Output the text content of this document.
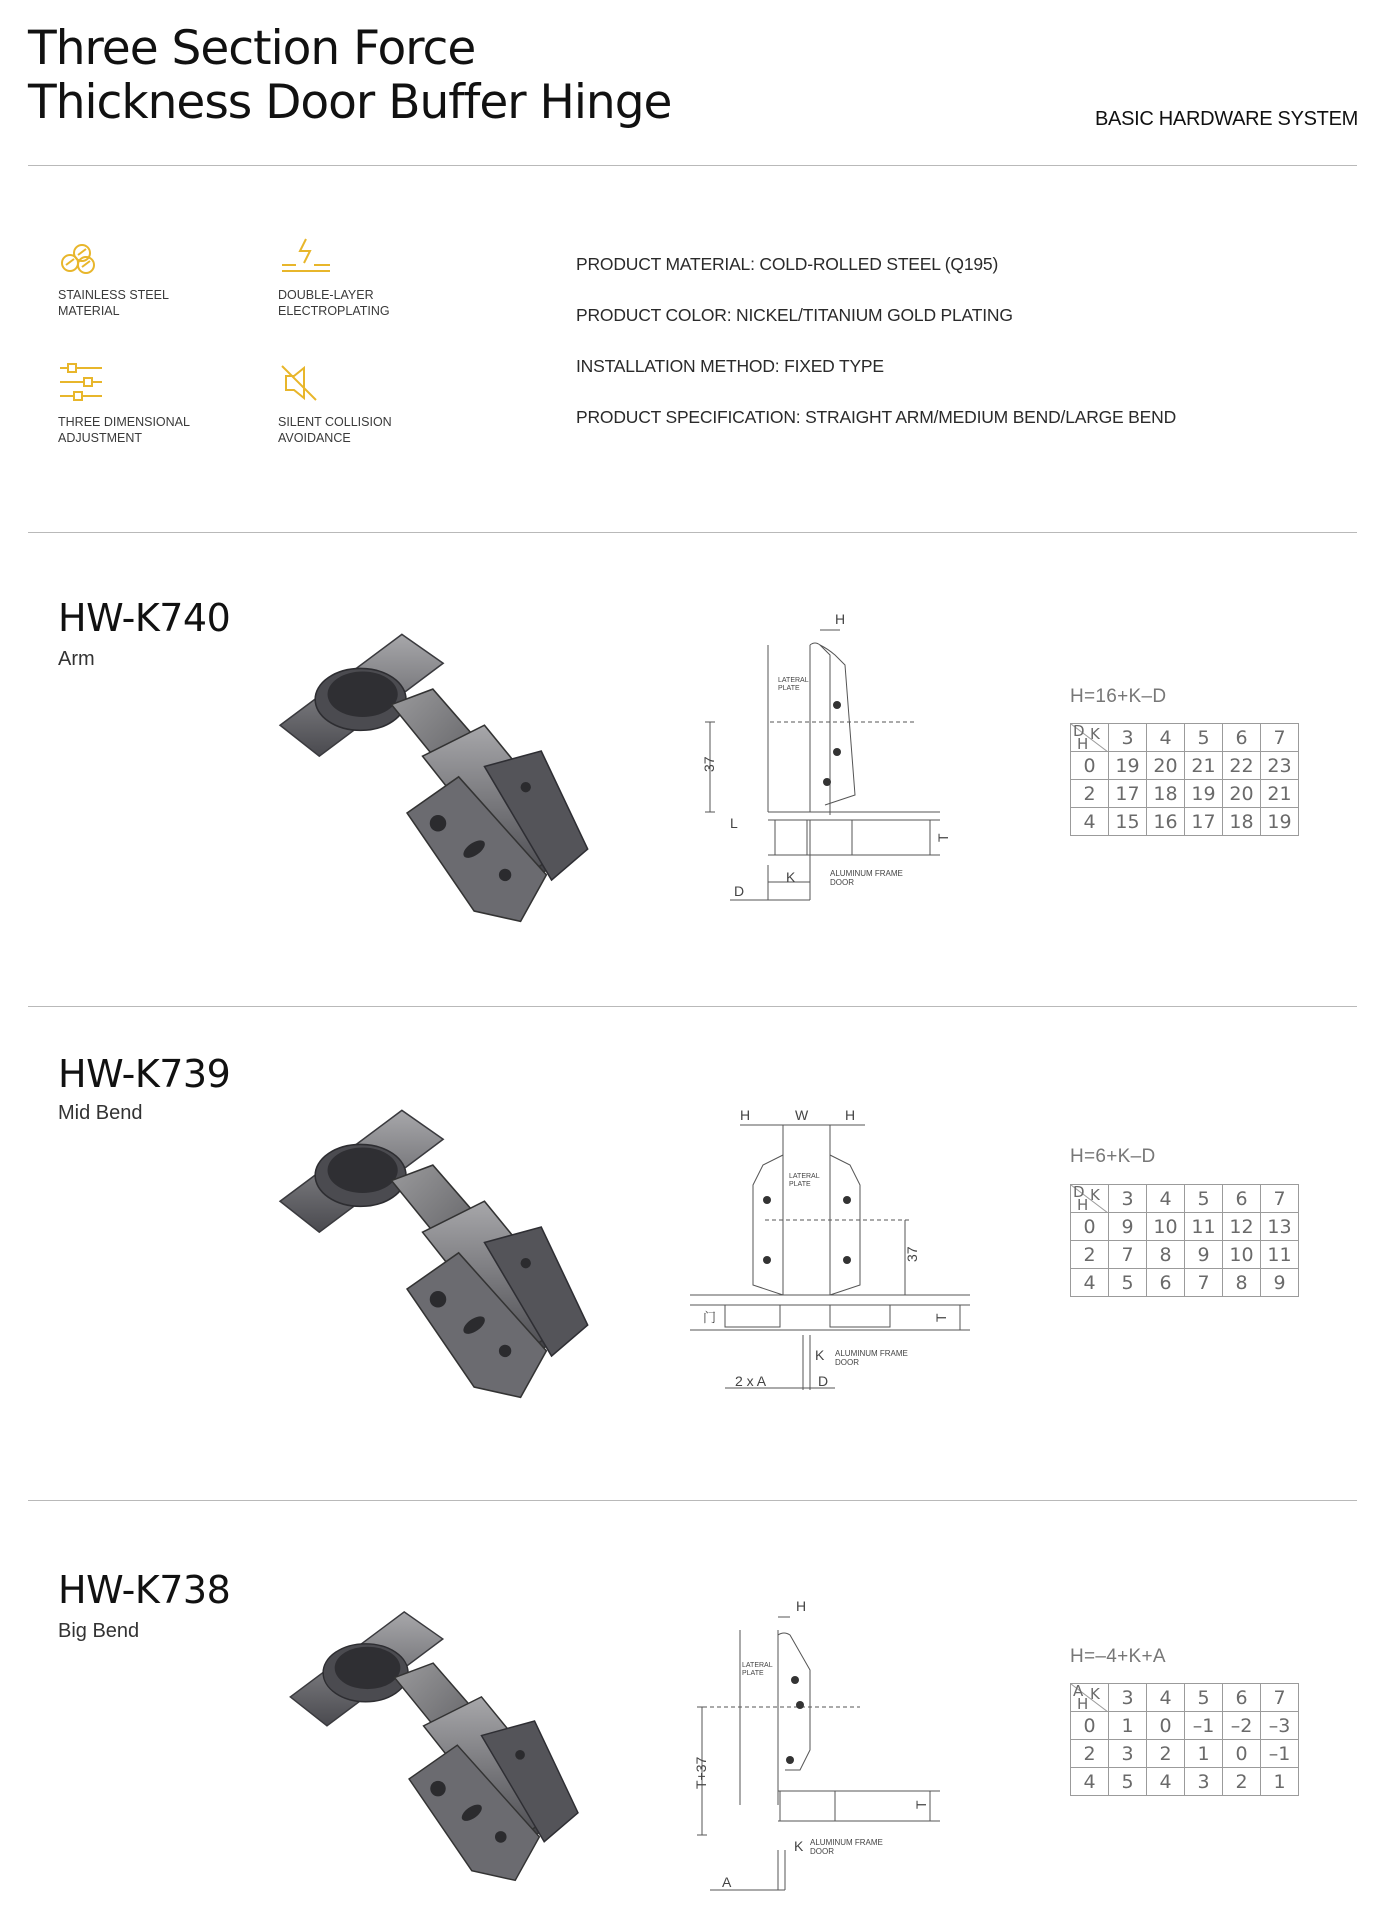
Three Section Force
Thickness Door Buffer Hinge	BASIC HARDWARE SYSTEM
STAINLESS STEEL
MATERIAL
DOUBLE-LAYER
ELECTROPLATING
THREE DIMENSIONAL
ADJUSTMENT
SILENT COLLISION
AVOIDANCE
PRODUCT MATERIAL: COLD-ROLLED STEEL (Q195)
PRODUCT COLOR: NICKEL/TITANIUM GOLD PLATING
INSTALLATION METHOD: FIXED TYPE
PRODUCT SPECIFICATION: STRAIGHT ARM/MEDIUM BEND/LARGE BEND
HW-K740
Arm
H
LATERAL
PLATE
37
L
T
K
D
ALUMINUM FRAME
DOOR
H=16+K–D
D K
H	3	4	5	6	7
0	19	20	21	22	23
2	17	18	19	20	21
4	15	16	17	18	19
HW-K739
Mid Bend	H	W	H
LATERAL
PLATE
37
门	T
K
2 x A	D
ALUMINUM FRAME
DOOR
H=6+K–D
D K
H	3	4	5	6	7
0	9	10	11	12	13
2	7	8	9	10	11
4	5	6	7	8	9
HW-K738
Big Bend
H
LATERAL
PLATE
T+37
T
K
A
ALUMINUM FRAME
DOOR
H=–4+K+A
A K
H	3	4	5	6	7
0	1	0	–1	–2	–3
2	3	2	1	0	–1
4	5	4	3	2	1
